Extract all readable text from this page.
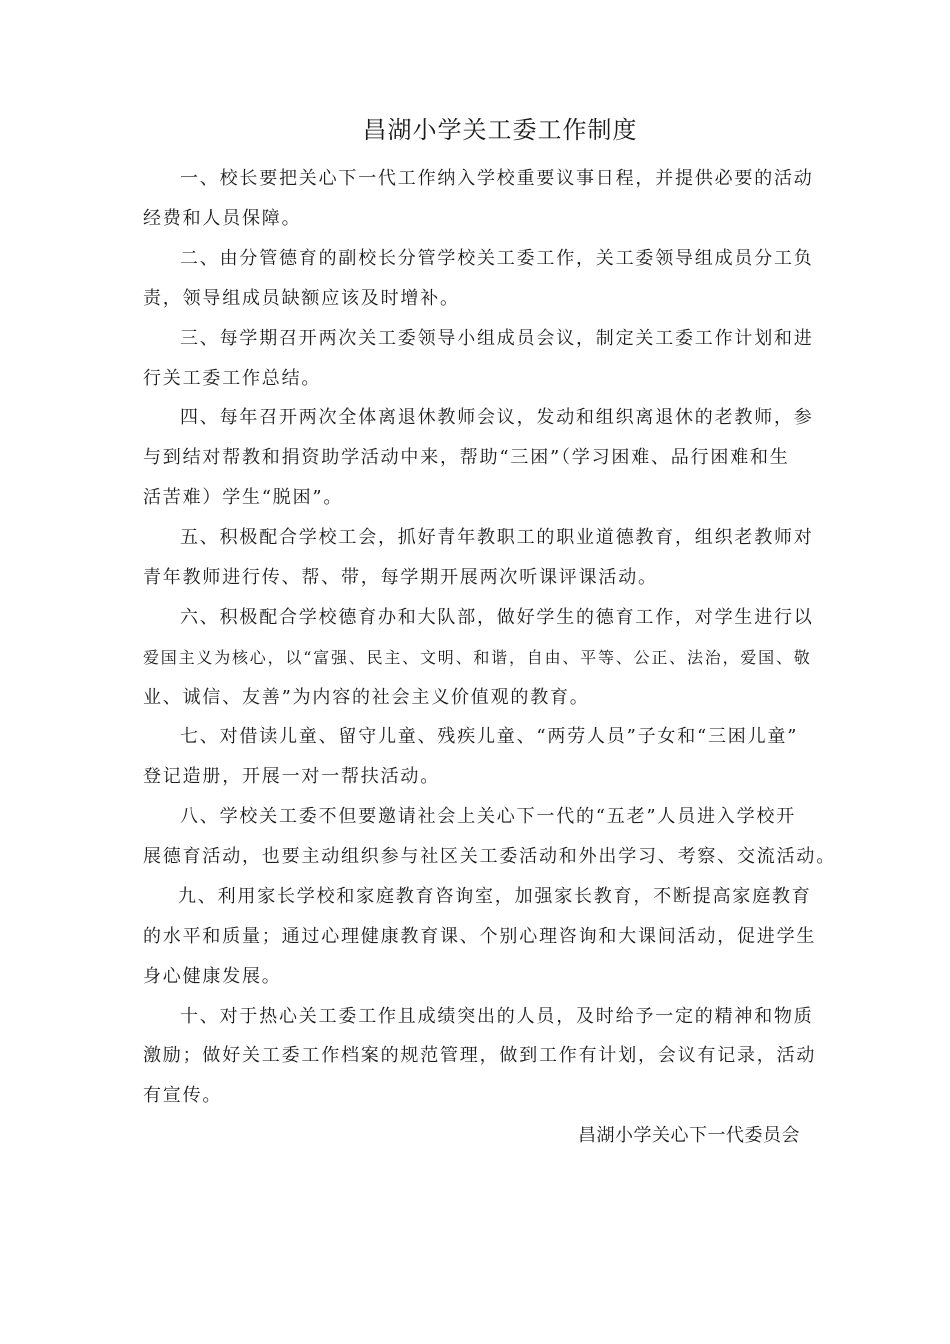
昌湖小学关工委工作制度
一、校长要把关心下一代工作纳入学校重要议事日程，并提供必要的活动
经费和人员保障。
二、由分管德育的副校长分管学校关工委工作，关工委领导组成员分工负
责，领导组成员缺额应该及时增补。
三、每学期召开两次关工委领导小组成员会议，制定关工委工作计划和进
行关工委工作总结。
四、每年召开两次全体离退休教师会议，发动和组织离退休的老教师，参
与到结对帮教和捐资助学活动中来，帮助“三困”（学习困难、品行困难和生
活苦难）学生“脱困”。
五、积极配合学校工会，抓好青年教职工的职业道德教育，组织老教师对
青年教师进行传、帮、带，每学期开展两次听课评课活动。
六、积极配合学校德育办和大队部，做好学生的德育工作，对学生进行以
爱国主义为核心，以“富强、民主、文明、和谐，自由、平等、公正、法治，爱国、敬
业、诚信、友善”为内容的社会主义价值观的教育。
七、对借读儿童、留守儿童、残疾儿童、“两劳人员”子女和“三困儿童”
登记造册，开展一对一帮扶活动。
八、学校关工委不但要邀请社会上关心下一代的“五老”人员进入学校开
展德育活动，也要主动组织参与社区关工委活动和外出学习、考察、交流活动。
九、利用家长学校和家庭教育咨询室，加强家长教育，不断提高家庭教育
的水平和质量；通过心理健康教育课、个别心理咨询和大课间活动，促进学生
身心健康发展。
十、对于热心关工委工作且成绩突出的人员，及时给予一定的精神和物质
激励；做好关工委工作档案的规范管理，做到工作有计划，会议有记录，活动
有宣传。
昌湖小学关心下一代委员会
